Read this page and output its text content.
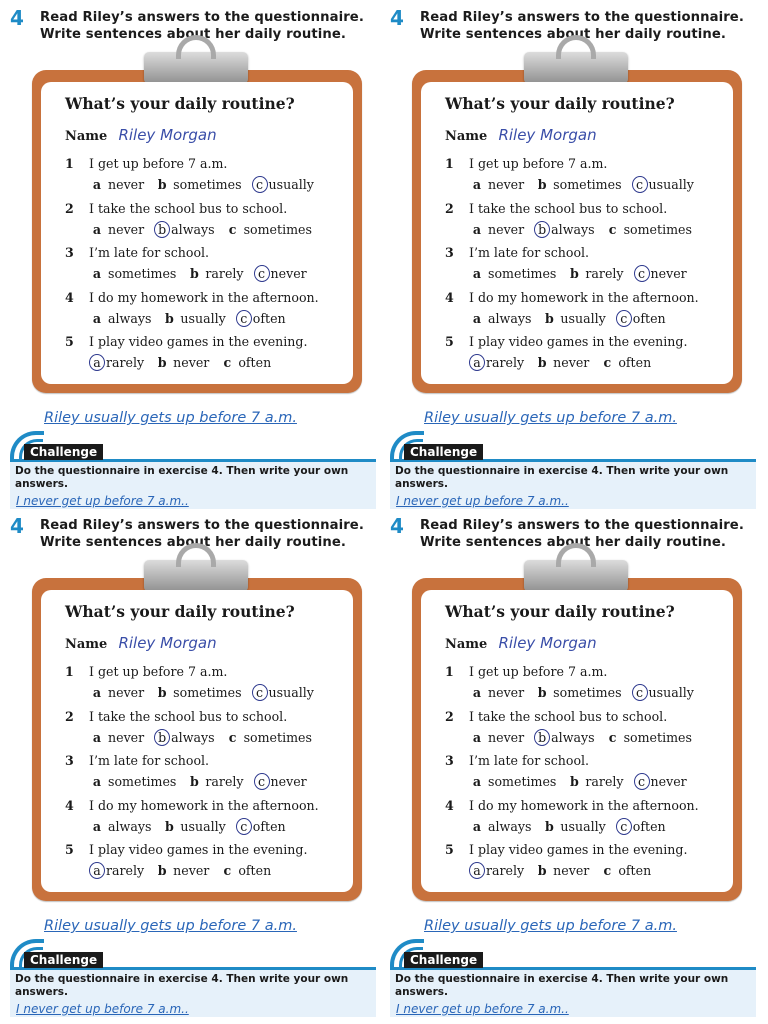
4 Read Riley’s answers to the questionnaire.
Write sentences about her daily routine.
What’s your daily routine?
Name Riley Morgan
1 I get up before 7 a.m.
a never b sometimes c usually
2 I take the school bus to school.
a never b always c sometimes
3 I’m late for school.
a sometimes b rarely c never
4 I do my homework in the afternoon.
a always b usually c often
5 I play video games in the evening.
a rarely b never c often
Riley usually gets up before 7 a.m.
Challenge
Do the questionnaire in exercise 4. Then write your own answers.
I never get up before 7 a.m..
4 Read Riley’s answers to the questionnaire.
Write sentences about her daily routine.
What’s your daily routine?
Name Riley Morgan
1 I get up before 7 a.m.
a never b sometimes c usually
2 I take the school bus to school.
a never b always c sometimes
3 I’m late for school.
a sometimes b rarely c never
4 I do my homework in the afternoon.
a always b usually c often
5 I play video games in the evening.
a rarely b never c often
Riley usually gets up before 7 a.m.
Challenge
Do the questionnaire in exercise 4. Then write your own answers.
I never get up before 7 a.m..
4 Read Riley’s answers to the questionnaire.
Write sentences about her daily routine.
What’s your daily routine?
Name Riley Morgan
1 I get up before 7 a.m.
a never b sometimes c usually
2 I take the school bus to school.
a never b always c sometimes
3 I’m late for school.
a sometimes b rarely c never
4 I do my homework in the afternoon.
a always b usually c often
5 I play video games in the evening.
a rarely b never c often
Riley usually gets up before 7 a.m.
Challenge
Do the questionnaire in exercise 4. Then write your own answers.
I never get up before 7 a.m..
4 Read Riley’s answers to the questionnaire.
Write sentences about her daily routine.
What’s your daily routine?
Name Riley Morgan
1 I get up before 7 a.m.
a never b sometimes c usually
2 I take the school bus to school.
a never b always c sometimes
3 I’m late for school.
a sometimes b rarely c never
4 I do my homework in the afternoon.
a always b usually c often
5 I play video games in the evening.
a rarely b never c often
Riley usually gets up before 7 a.m.
Challenge
Do the questionnaire in exercise 4. Then write your own answers.
I never get up before 7 a.m..
